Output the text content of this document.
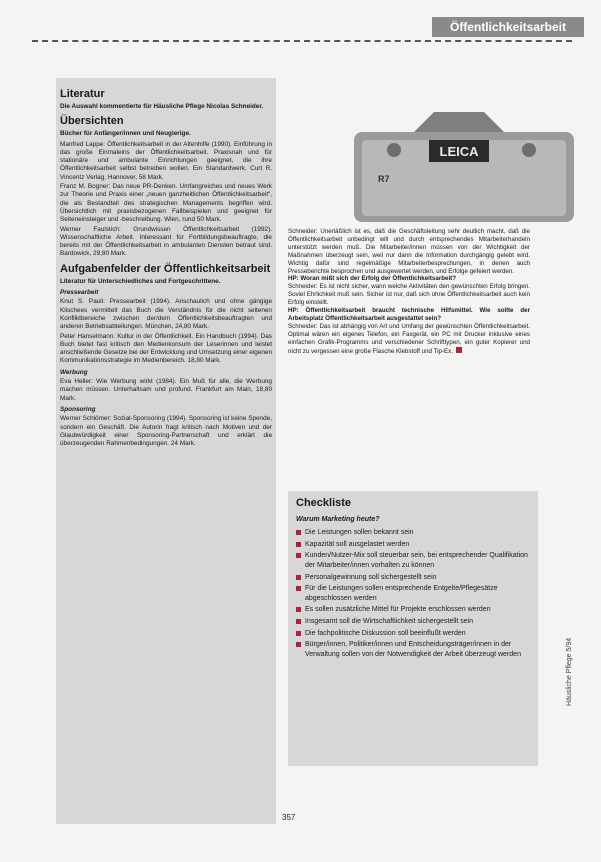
Öffentlichkeitsarbeit
Literatur

Die Auswahl kommentierte für Häusliche Pflege Nicolas Schneider.

Übersichten

Bücher für Anfänger/innen und Neugierige.

Manfred Lappe: Öffentlichkeitsarbeit in der Altenhilfe (1990). Einführung in das große Einmaleins der Öffentlichkeitsarbeit. Praxisnah und für stationäre und ambulante Einrichtungen geeignet, die ihre Öffentlichkeitsarbeit selbst betreiben wollen. Ein Standardwerk. Curt R. Vincentz Verlag, Hannover, 58 Mark.

Franz M. Bogner: Das neue PR-Denken. Umfangreiches und neues Werk zur Theorie und Praxis einer „neuen ganzheitlichen Öffentlichkeitsarbeit“, die als Bestandteil des strategischen Managements begriffen wird. Übersichtlich mit praxisbezogenen Fallbeispielen und geeignet für Seiteneinsteiger und -beschreibung. Wien, rund 50 Mark.

Werner Faulstich: Grundwissen Öffentlichkeitsarbeit (1992). Wissenschaftliche Arbeit. Interessant für Fortbildungsbeauftragte, die bereits mit der Öffentlichkeitsarbeit in ambulanten Diensten betraut sind. Bardowick, 29,80 Mark.

Aufgabenfelder der Öffentlichkeitsarbeit

Literatur für Unterschiedliches und Fortgeschrittene.

Pressearbeit

Knut S. Pauli: Pressearbeit (1994). Anschaulich und ohne gängige Klischees vermittelt das Buch die Verständnis für die nicht seltenen Konfliktbereiche zwischen der/dem Öffentlichkeitsbeauftragten und anderen Betriebsabteilungen. München, 24,80 Mark.

Peter Hanselmann: Kultur in der Öffentlichkeit. Ein Handbuch (1994). Das Buch bietet fast kritisch den Medienkonsum der Leserinnen und leistet anschließende Gesetze bei der Entwicklung und Umsetzung einer eigenen Kommunikationsstrategie im Medienbereich. 18,80 Mark.

Werbung

Eva Heller: Wie Werbung wirkt (1984). Ein Muß für alle, die Werbung machen müssen. Unterhaltsam und profund. Frankfurt am Main, 18,80 Mark.

Sponsoring

Werner Schlömer: Sozial-Sponsoring (1994). Sponsoring ist keine Spende, sondern ein Geschäft. Die Autorin fragt kritisch nach Motiven und der Glaubwürdigkeit einer Sponsoring-Partnerschaft und erklärt die überzeugenden Rahmenbedingungen. 24 Mark.

LEICA
R7

Schneider: Unerläßlich ist es, daß die Geschäftsleitung sehr deutlich macht, daß die Öffentlichkeitsarbeit unbedingt will und durch entsprechendes Mitarbeiterhandeln unterstützt werden muß. Die Mitarbeiter/innen müssen von der Wichtigkeit der Maßnahmen überzeugt sein, weil nur dann die Information durchgängig gelebt wird. Wichtig dafür sind regelmäßige Mitarbeiterbesprechungen, in denen auch Presseberichte besprochen und ausgewertet werden, und Erfolge gefeiert werden.

HP: Woran mißt sich der Erfolg der Öffentlichkeitsarbeit?

Schneider: Es ist nicht sicher, wann welche Aktivitäten den gewünschten Erfolg bringen. Soviel Ehrlichkeit muß sein. Sicher ist nur, daß sich ohne Öffentlichkeitsarbeit auch kein Erfolg einstellt.

HP: Öffentlichkeitsarbeit braucht technische Hilfsmittel. Wie sollte der Arbeitsplatz Öffentlichkeitsarbeit ausgestattet sein?

Schneider: Das ist abhängig von Art und Umfang der gewünschten Öffentlichkeitsarbeit. Optimal wären ein eigenes Telefon, ein Faxgerät, ein PC mit Drucker inklusive eines einfachen Grafik-Programms und verschiedener Schrifttypen, ein guter Kopierer und nicht zu vergessen eine große Flasche Klebstoff und Tip-Ex.

Checkliste
Warum Marketing heute?
Die Leistungen sollen bekannt sein
Kapazität soll ausgelastet werden
Kunden/Nutzer-Mix soll steuerbar sein, bei entsprechender Qualifikation der Mitarbeiter/innen vorhalten zu können
Personalgewinnung soll sichergestellt sein
Für die Leistungen sollen entsprechende Entgelte/Pflegesätze abgeschlossen werden
Es sollen zusätzliche Mittel für Projekte erschlossen werden
Insgesamt soll die Wirtschaftlichkeit sichergestellt sein
Die fachpolitische Diskussion soll beeinflußt werden
Bürger/innen, Politiker/innen und Entscheidungsträger/innen in der Verwaltung sollen von der Notwendigkeit der Arbeit überzeugt werden	Häusliche Pflege 5/94
357
